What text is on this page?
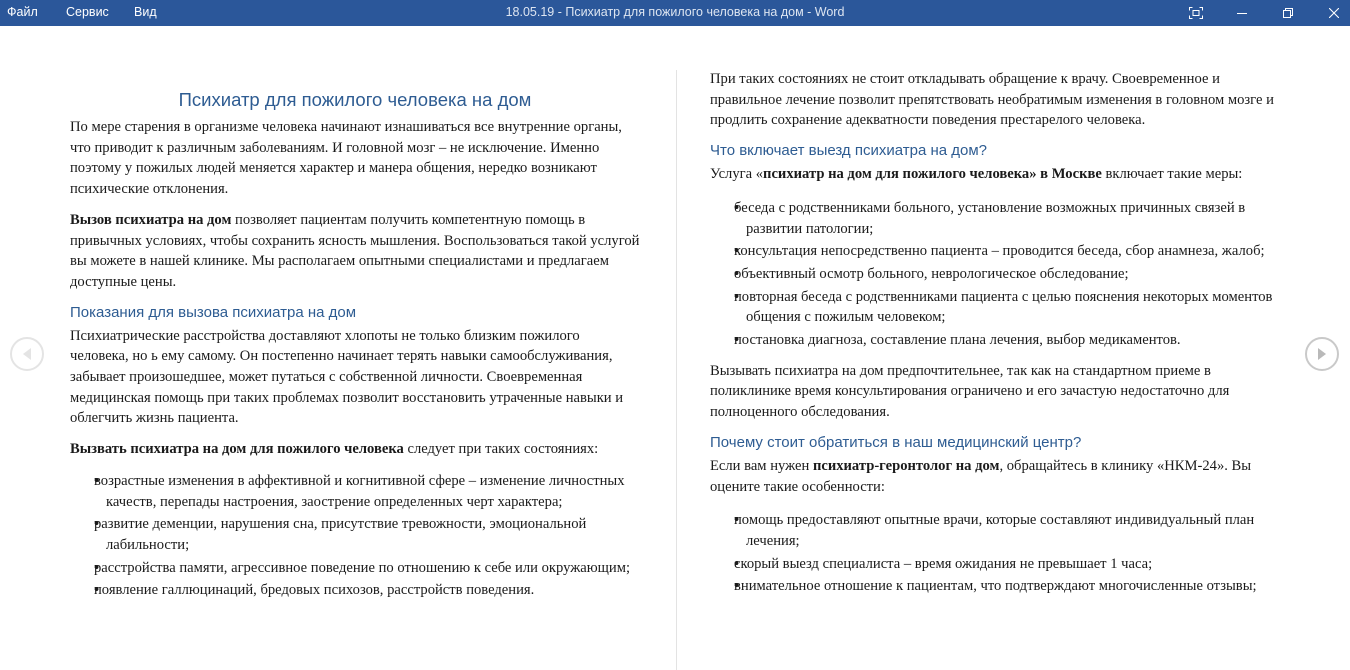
Файл Сервис Вид	18.05.19 - Психиатр для пожилого человека на дом - Word
Психиатр для пожилого человека на дом

По мере старения в организме человека начинают изнашиваться все внутренние органы, что приводит к различным заболеваниям. И головной мозг – не исключение. Именно поэтому у пожилых людей меняется характер и манера общения, нередко возникают психические отклонения.

Вызов психиатра на дом позволяет пациентам получить компетентную помощь в привычных условиях, чтобы сохранить ясность мышления. Воспользоваться такой услугой вы можете в нашей клинике. Мы располагаем опытными специалистами и предлагаем доступные цены.

Показания для вызова психиатра на дом

Психиатрические расстройства доставляют хлопоты не только близким пожилого человека, но ь ему самому. Он постепенно начинает терять навыки самообслуживания, забывает произошедшее, может путаться с собственной личности. Своевременная медицинская помощь при таких проблемах позволит восстановить утраченные навыки и облегчить жизнь пациента.

Вызвать психиатра на дом для пожилого человека следует при таких состояниях:

• возрастные изменения в аффективной и когнитивной сфере – изменение личностных качеств, перепады настроения, заострение определенных черт характера;
• развитие деменции, нарушения сна, присутствие тревожности, эмоциональной лабильности;
• расстройства памяти, агрессивное поведение по отношению к себе или окружающим;
• появление галлюцинаций, бредовых психозов, расстройств поведения.

При таких состояниях не стоит откладывать обращение к врачу. Своевременное и правильное лечение позволит препятствовать необратимым изменения в головном мозге и продлить сохранение адекватности поведения престарелого человека.

Что включает выезд психиатра на дом?

Услуга «психиатр на дом для пожилого человека» в Москве включает такие меры:

• беседа с родственниками больного, установление возможных причинных связей в развитии патологии;
• консультация непосредственно пациента – проводится беседа, сбор анамнеза, жалоб;
• объективный осмотр больного, неврологическое обследование;
• повторная беседа с родственниками пациента с целью пояснения некоторых моментов общения с пожилым человеком;
• постановка диагноза, составление плана лечения, выбор медикаментов.

Вызывать психиатра на дом предпочтительнее, так как на стандартном приеме в поликлинике время консультирования ограничено и его зачастую недостаточно для полноценного обследования.

Почему стоит обратиться в наш медицинский центр?

Если вам нужен психиатр-геронтолог на дом, обращайтесь в клинику «НКМ-24». Вы оцените такие особенности:

• помощь предоставляют опытные врачи, которые составляют индивидуальный план лечения;
• скорый выезд специалиста – время ожидания не превышает 1 часа;
• внимательное отношение к пациентам, что подтверждают многочисленные отзывы;
